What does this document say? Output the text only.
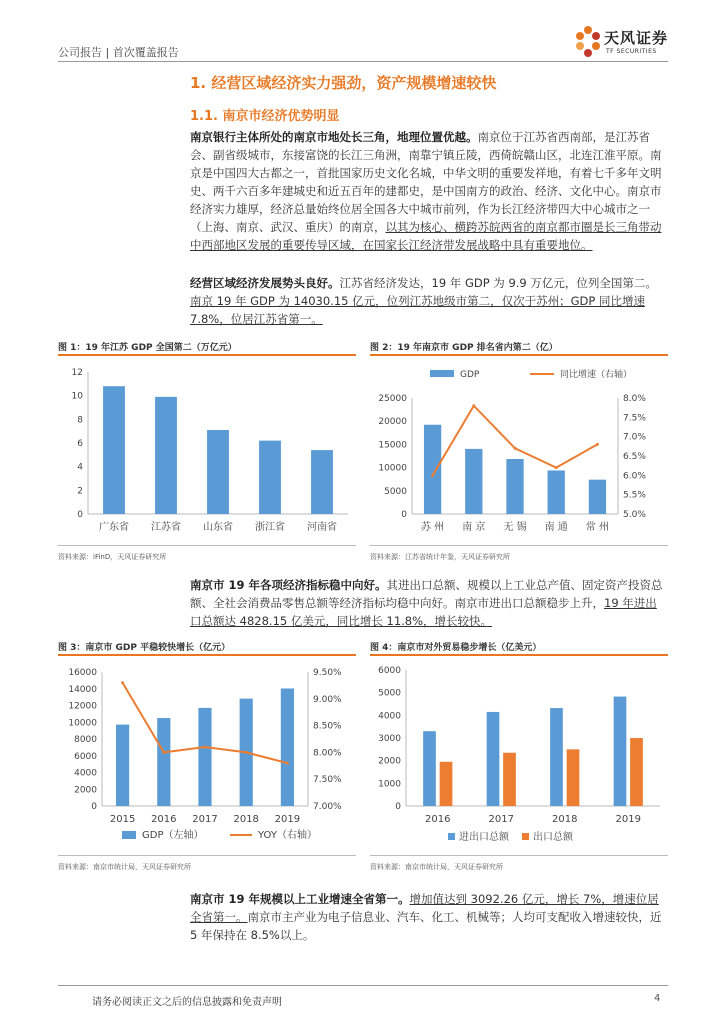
公司报告 | 首次覆盖报告
天风证券
TF SECURITIES
1. 经营区域经济实力强劲，资产规模增速较快
1.1. 南京市经济优势明显
南京银行主体所处的南京市地处长三角，地理位置优越。南京位于江苏省西南部，是江苏省会、副省级城市，东接富饶的长江三角洲，南靠宁镇丘陵，西倚皖赣山区，北连江淮平原。南京是中国四大古都之一，首批国家历史文化名城，中华文明的重要发祥地，有着七千多年文明史、两千六百多年建城史和近五百年的建都史，是中国南方的政治、经济、文化中心。南京市经济实力雄厚，经济总量始终位居全国各大中城市前列，作为长江经济带四大中心城市之一（上海、南京、武汉、重庆）的南京，以其为核心、横跨苏皖两省的南京都市圈是长三角带动中西部地区发展的重要传导区域，在国家长江经济带发展战略中具有重要地位。
经营区域经济发展势头良好。江苏省经济发达，19 年 GDP 为 9.9 万亿元，位列全国第二。南京 19 年 GDP 为 14030.15 亿元，位列江苏地级市第二，仅次于苏州；GDP 同比增速 7.8%，位居江苏省第一。
图 1：19 年江苏 GDP 全国第二（万亿元）
0
2
4
6
8
10
12
广东省 江苏省 山东省 浙江省 河南省
资料来源：iFinD，天风证券研究所
图 2：19 年南京市 GDP 排名省内第二（亿）
GDP	同比增速（右轴）
0
5000
10000
15000
20000
25000
5.0%
5.5%
6.0%
6.5%
7.0%
7.5%
8.0%
苏 州 南 京 无 锡 南 通 常 州
资料来源：江苏省统计年鉴，天风证券研究所
南京市 19 年各项经济指标稳中向好。其进出口总额、规模以上工业总产值、固定资产投资总额、全社会消费品零售总额等经济指标均稳中向好。南京市进出口总额稳步上升，19 年进出口总额达 4828.15 亿美元，同比增长 11.8%，增长较快。
图 3：南京市 GDP 平稳较快增长（亿元）
0
2000
4000
6000
8000
10000
12000
14000
16000
7.00%
7.50%
8.00%
8.50%
9.00%
9.50%
2015 2016 2017 2018 2019
GDP（左轴）	YOY（右轴）
资料来源：南京市统计局，天风证券研究所
图 4：南京市对外贸易稳步增长（亿美元）
0
1000
2000
3000
4000
5000
6000
2016	2017	2018	2019
进出口总额 出口总额
资料来源：南京市统计局，天风证券研究所
南京市 19 年规模以上工业增速全省第一。增加值达到 3092.26 亿元，增长 7%，增速位居全省第一。南京市主产业为电子信息业、汽车、化工、机械等；人均可支配收入增速较快，近 5 年保持在 8.5%以上。
请务必阅读正文之后的信息披露和免责声明	4
